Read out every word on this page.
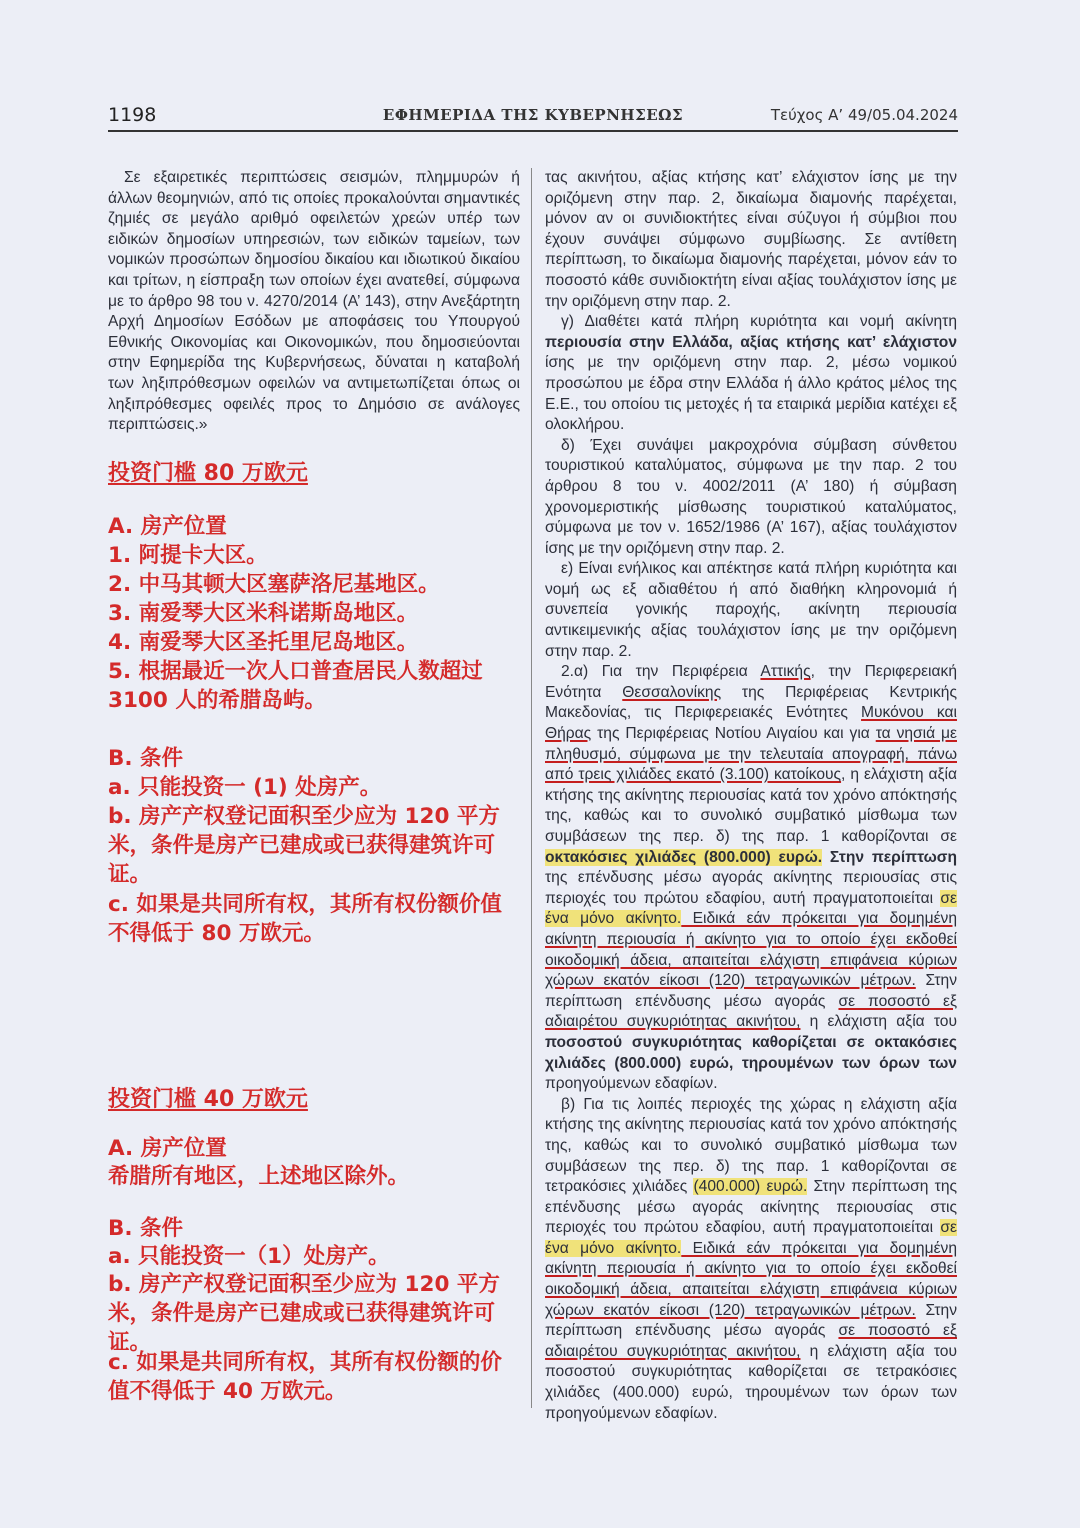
1198	ΕΦΗΜΕΡΙΔΑ ΤΗΣ ΚΥΒΕΡΝΗΣΕΩΣ	Τεύχος Α’ 49/05.04.2024

Σε εξαιρετικές περιπτώσεις σεισμών, πλημμυρών ή άλλων θεομηνιών, από τις οποίες προκαλούνται σημαντικές ζημιές σε μεγάλο αριθμό οφειλετών χρεών υπέρ των ειδικών δημοσίων υπηρεσιών, των ειδικών ταμείων, των νομικών προσώπων δημοσίου δικαίου και ιδιωτικού δικαίου και τρίτων, η είσπραξη των οποίων έχει ανατεθεί, σύμφωνα με το άρθρο 98 του ν. 4270/2014 (Α’ 143), στην Ανεξάρτητη Αρχή Δημοσίων Εσόδων με αποφάσεις του Υπουργού Εθνικής Οικονομίας και Οικονομικών, που δημοσιεύονται στην Εφημερίδα της Κυβερνήσεως, δύναται η καταβολή των ληξιπρόθεσμων οφειλών να αντιμετωπίζεται όπως οι ληξιπρόθεσμες οφειλές προς το Δημόσιο σε ανάλογες περιπτώσεις.»

投资门槛 80 万欧元
A. 房产位置
1. 阿提卡大区。
2. 中马其顿大区塞萨洛尼基地区。
3. 南爱琴大区米科诺斯岛地区。
4. 南爱琴大区圣托里尼岛地区。
5. 根据最近一次人口普查居民人数超过 3100 人的希腊岛屿。
B. 条件
a. 只能投资一 (1) 处房产。
b. 房产产权登记面积至少应为 120 平方米，条件是房产已建成或已获得建筑许可证。
c. 如果是共同所有权，其所有权份额价值不得低于 80 万欧元。
投资门槛 40 万欧元
A. 房产位置
希腊所有地区，上述地区除外。
B. 条件
a. 只能投资一（1）处房产。
b. 房产产权登记面积至少应为 120 平方米，条件是房产已建成或已获得建筑许可证。
c. 如果是共同所有权，其所有权份额的价值不得低于 40 万欧元。

τας ακινήτου, αξίας κτήσης κατ’ ελάχιστον ίσης με την οριζόμενη στην παρ. 2, δικαίωμα διαμονής παρέχεται, μόνον αν οι συνιδιοκτήτες είναι σύζυγοι ή σύμβιοι που έχουν συνάψει σύμφωνο συμβίωσης. Σε αντίθετη περίπτωση, το δικαίωμα διαμονής παρέχεται, μόνον εάν το ποσοστό κάθε συνιδιοκτήτη είναι αξίας τουλάχιστον ίσης με την οριζόμενη στην παρ. 2.

γ) Διαθέτει κατά πλήρη κυριότητα και νομή ακίνητη περιουσία στην Ελλάδα, αξίας κτήσης κατ’ ελάχιστον ίσης με την οριζόμενη στην παρ. 2, μέσω νομικού προσώπου με έδρα στην Ελλάδα ή άλλο κράτος μέλος της Ε.Ε., του οποίου τις μετοχές ή τα εταιρικά μερίδια κατέχει εξ ολοκλήρου.

δ) Έχει συνάψει μακροχρόνια σύμβαση σύνθετου τουριστικού καταλύματος, σύμφωνα με την παρ. 2 του άρθρου 8 του ν. 4002/2011 (Α’ 180) ή σύμβαση χρονομεριστικής μίσθωσης τουριστικού καταλύματος, σύμφωνα με τον ν. 1652/1986 (Α’ 167), αξίας τουλάχιστον ίσης με την οριζόμενη στην παρ. 2.

ε) Είναι ενήλικος και απέκτησε κατά πλήρη κυριότητα και νομή ως εξ αδιαθέτου ή από διαθήκη κληρονομιά ή συνεπεία γονικής παροχής, ακίνητη περιουσία αντικειμενικής αξίας τουλάχιστον ίσης με την οριζόμενη στην παρ. 2.

2.α) Για την Περιφέρεια Αττικής, την Περιφερειακή Ενότητα Θεσσαλονίκης της Περιφέρειας Κεντρικής Μακεδονίας, τις Περιφερειακές Ενότητες Μυκόνου και Θήρας της Περιφέρειας Νοτίου Αιγαίου και για τα νησιά με πληθυσμό, σύμφωνα με την τελευταία απογραφή, πάνω από τρεις χιλιάδες εκατό (3.100) κατοίκους, η ελάχιστη αξία κτήσης της ακίνητης περιουσίας κατά τον χρόνο απόκτησής της, καθώς και το συνολικό συμβατικό μίσθωμα των συμβάσεων της περ. δ) της παρ. 1 καθορίζονται σε οκτακόσιες χιλιάδες (800.000) ευρώ. Στην περίπτωση της επένδυσης μέσω αγοράς ακίνητης περιουσίας στις περιοχές του πρώτου εδαφίου, αυτή πραγματοποιείται σε ένα μόνο ακίνητο. Ειδικά εάν πρόκειται για δομημένη ακίνητη περιουσία ή ακίνητο για το οποίο έχει εκδοθεί οικοδομική άδεια, απαιτείται ελάχιστη επιφάνεια κύριων χώρων εκατόν είκοσι (120) τετραγωνικών μέτρων. Στην περίπτωση επένδυσης μέσω αγοράς σε ποσοστό εξ αδιαιρέτου συγκυριότητας ακινήτου, η ελάχιστη αξία του ποσοστού συγκυριότητας καθορίζεται σε οκτακόσιες χιλιάδες (800.000) ευρώ, τηρουμένων των όρων των προηγούμενων εδαφίων.

β) Για τις λοιπές περιοχές της χώρας η ελάχιστη αξία κτήσης της ακίνητης περιουσίας κατά τον χρόνο απόκτησής της, καθώς και το συνολικό συμβατικό μίσθωμα των συμβάσεων της περ. δ) της παρ. 1 καθορίζονται σε τετρακόσιες χιλιάδες (400.000) ευρώ. Στην περίπτωση της επένδυσης μέσω αγοράς ακίνητης περιουσίας στις περιοχές του πρώτου εδαφίου, αυτή πραγματοποιείται σε ένα μόνο ακίνητο. Ειδικά εάν πρόκειται για δομημένη ακίνητη περιουσία ή ακίνητο για το οποίο έχει εκδοθεί οικοδομική άδεια, απαιτείται ελάχιστη επιφάνεια κύριων χώρων εκατόν είκοσι (120) τετραγωνικών μέτρων. Στην περίπτωση επένδυσης μέσω αγοράς σε ποσοστό εξ αδιαιρέτου συγκυριότητας ακινήτου, η ελάχιστη αξία του ποσοστού συγκυριότητας καθορίζεται σε τετρακόσιες χιλιάδες (400.000) ευρώ, τηρουμένων των όρων των προηγούμενων εδαφίων.
